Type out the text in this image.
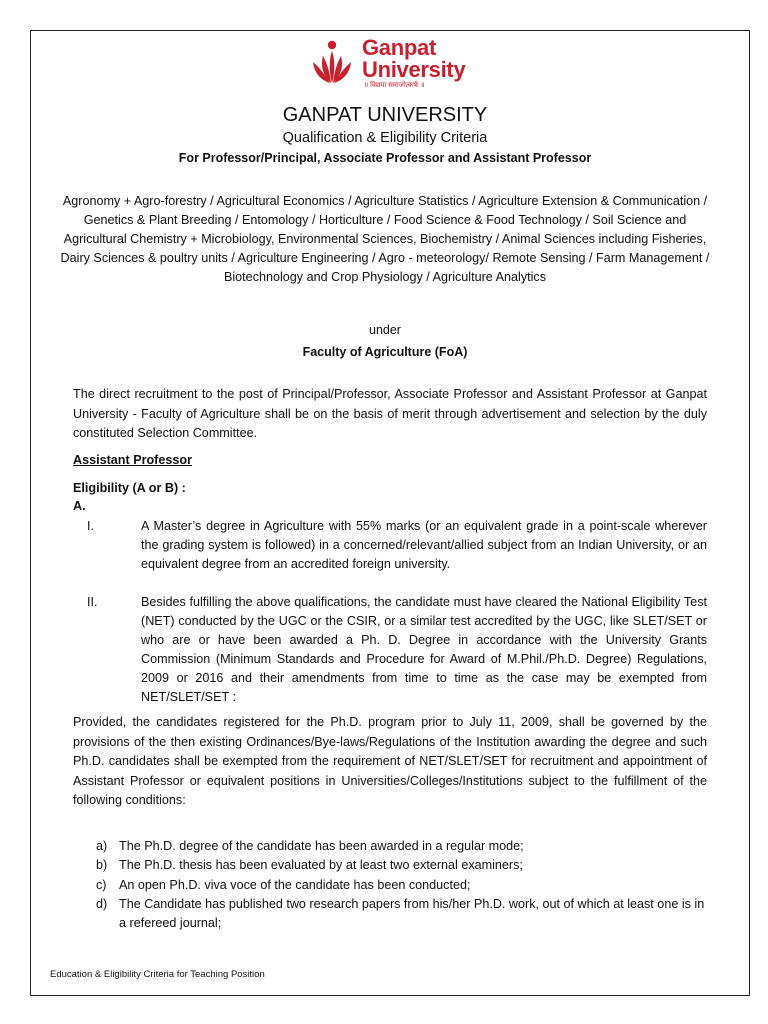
Ganpat
University
॥ विद्यया समाजोत्कर्षः ॥
GANPAT UNIVERSITY
Qualification & Eligibility Criteria
For Professor/Principal, Associate Professor and Assistant Professor
Agronomy + Agro-forestry / Agricultural Economics / Agriculture Statistics / Agriculture Extension & Communication / Genetics & Plant Breeding / Entomology / Horticulture / Food Science & Food Technology / Soil Science and Agricultural Chemistry + Microbiology, Environmental Sciences, Biochemistry / Animal Sciences including Fisheries, Dairy Sciences & poultry units / Agriculture Engineering / Agro - meteorology/ Remote Sensing / Farm Management / Biotechnology and Crop Physiology / Agriculture Analytics
under
Faculty of Agriculture (FoA)
The direct recruitment to the post of Principal/Professor, Associate Professor and Assistant Professor at Ganpat University - Faculty of Agriculture shall be on the basis of merit through advertisement and selection by the duly constituted Selection Committee.
Assistant Professor
Eligibility (A or B) :
A.
I.	A Master’s degree in Agriculture with 55% marks (or an equivalent grade in a point-scale wherever the grading system is followed) in a concerned/relevant/allied subject from an Indian University, or an equivalent degree from an accredited foreign university.
II.	Besides fulfilling the above qualifications, the candidate must have cleared the National Eligibility Test (NET) conducted by the UGC or the CSIR, or a similar test accredited by the UGC, like SLET/SET or who are or have been awarded a Ph. D. Degree in accordance with the University Grants Commission (Minimum Standards and Procedure for Award of M.Phil./Ph.D. Degree) Regulations, 2009 or 2016 and their amendments from time to time as the case may be exempted from NET/SLET/SET :
Provided, the candidates registered for the Ph.D. program prior to July 11, 2009, shall be governed by the provisions of the then existing Ordinances/Bye-laws/Regulations of the Institution awarding the degree and such Ph.D. candidates shall be exempted from the requirement of NET/SLET/SET for recruitment and appointment of Assistant Professor or equivalent positions in Universities/Colleges/Institutions subject to the fulfillment of the following conditions:
a) The Ph.D. degree of the candidate has been awarded in a regular mode;
b) The Ph.D. thesis has been evaluated by at least two external examiners;
c) An open Ph.D. viva voce of the candidate has been conducted;
d) The Candidate has published two research papers from his/her Ph.D. work, out of which at least one is in a refereed journal;
Education & Eligibility Criteria for Teaching Position
